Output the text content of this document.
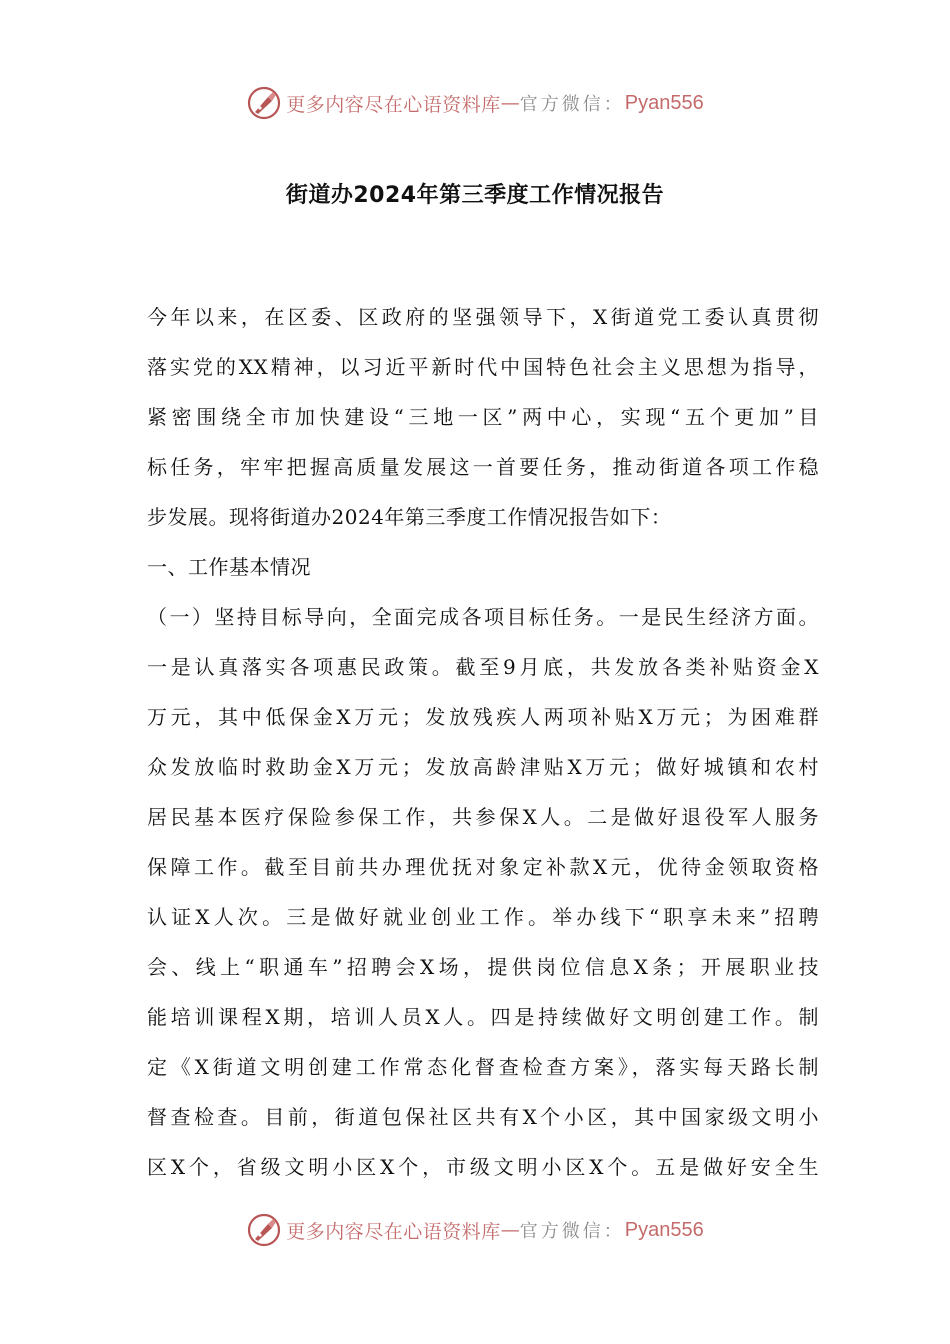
更多内容尽在心语资料库 — 官方微信： Pyan556
街道办2024年第三季度工作情况报告
今年以来，在区委、区政府的坚强领导下，X街道党工委认真贯彻
落实党的XX精神，以习近平新时代中国特色社会主义思想为指导，
紧密围绕全市加快建设“三地一区”两中心，实现“五个更加”目
标任务，牢牢把握高质量发展这一首要任务，推动街道各项工作稳
步发展。现将街道办2024年第三季度工作情况报告如下：
一、工作基本情况
（一）坚持目标导向，全面完成各项目标任务。一是民生经济方面。
一是认真落实各项惠民政策。截至9月底，共发放各类补贴资金X
万元，其中低保金X万元；发放残疾人两项补贴X万元；为困难群
众发放临时救助金X万元；发放高龄津贴X万元；做好城镇和农村
居民基本医疗保险参保工作，共参保X人。二是做好退役军人服务
保障工作。截至目前共办理优抚对象定补款X元，优待金领取资格
认证X人次。三是做好就业创业工作。举办线下“职享未来”招聘
会、线上“职通车”招聘会X场，提供岗位信息X条；开展职业技
能培训课程X期，培训人员X人。四是持续做好文明创建工作。制
定《X街道文明创建工作常态化督查检查方案》，落实每天路长制
督查检查。目前，街道包保社区共有X个小区，其中国家级文明小
区X个，省级文明小区X个，市级文明小区X个。五是做好安全生
更多内容尽在心语资料库 — 官方微信： Pyan556
